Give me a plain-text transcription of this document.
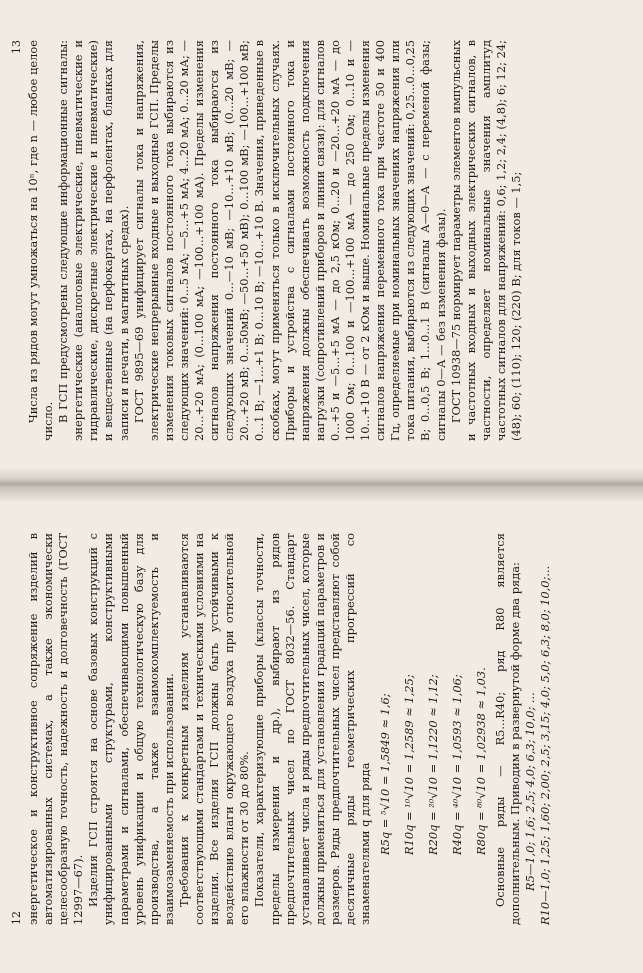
12 энергетическое и конструктивное сопряжение изделий в автоматизированных системах, а также экономически целесообразную точность, надежность и долговечность (ГОСТ 12997—67). Изделия ГСП строятся на основе базовых конструкций с унифицированными структурами, конструктивными параметрами и сигналами, обеспечивающими повышенный уровень унификации и общую технологическую базу для производства, а также взаимокомплектуемость и взаимозаменяемость при использовании. Требования к конкретным изделиям устанавливаются соответствующими стандартами и техническими условиями на изделия. Все изделия ГСП должны быть устойчивыми к воздействию влаги окружающего воздуха при относительной его влажности от 30 до 80%. Показатели, характеризующие приборы (классы точности, пределы измерения и др.), выбирают из рядов предпочтительных чисел по ГОСТ 8032—56. Стандарт устанавливает числа и ряды предпочтительных чисел, которые должны применяться для установления градаций параметров и размеров. Ряды предпочтительных чисел представляют собой десятичные ряды геометрических прогрессий со знаменателями q для ряда R5q = ⁵√10 = 1,5849 ≈ 1,6; R10q = ¹⁰√10 = 1,2589 ≈ 1,25; R20q = ²⁰√10 = 1,1220 ≈ 1,12; R40q = ⁴⁰√10 = 1,0593 ≈ 1,06; R80q = ⁸⁰√10 = 1,02938 ≈ 1,03. Основные ряды — R5...R40; ряд R80 является дополнительным. Приводим в развернутой форме два ряда: R5—1,0; 1,6; 2,5; 4,0; 6,3; 10,0; ... R10—1,0; 1,25; 1,60; 2,00; 2,5; 3,15; 4,0; 5,0; 6,3; 8,0; 10,0;...

13 Числа из рядов могут умножаться на 10ⁿ, где n — любое целое число. В ГСП предусмотрены следующие информационные сигналы: энергетические (аналоговые электрические, пневматические и гидравлические, дискретные электрические и пневматические) и вещественные (на перфокартах, на перфолентах, бланках для записи и печати, в магнитных средах). ГОСТ 9895—69 унифицирует сигналы тока и напряжения, электрические непрерывные входные и выходные ГСП. Пределы изменения токовых сигналов постоянного тока выбираются из следующих значений: 0...5 мА; —5...+5 мА; 4...20 мА; 0...20 мА; —20...+20 мА; (0...100 мА; —100...+100 мА). Пределы изменения сигналов напряжения постоянного тока выбираются из следующих значений 0...—10 мВ; —10...+10 мВ; (0...20 мВ; —20...+20 мВ; 0...50мВ; —50...+50 мВ); 0...100 мВ; —100...+100 мВ; 0...1 В; —1...+1 В; 0...10 В; —10...+10 В. Значения, приведенные в скобках, могут применяться только в исключительных случаях. Приборы и устройства с сигналами постоянного тока и напряжения должны обеспечивать возможность подключения нагрузки (сопротивлений приборов и линии связи): для сигналов 0...+5 и —5...+5 мА — до 2,5 кОм; 0...20 и —20...+20 мА — до 1000 Ом; 0...100 и —100...+100 мА — до 250 Ом; 0...10 и —10...+10 В — от 2 кОм и выше. Номинальные пределы изменения сигналов напряжения переменного тока при частоте 50 и 400 Гц, определяемые при номинальных значениях напряжения или тока питания, выбираются из следующих значений: 0,25...0...0,25 В; 0...0,5 В; 1...0...1 В (сигналы А—0—А — с переменой фазы; сигналы 0—А — без изменения фазы). ГОСТ 10938—75 нормирует параметры элементов импульсных и частотных входных и выходных электрических сигналов, в частности, определяет номинальные значения амплитуд частотных сигналов для напряжений: 0,6; 1,2; 2,4; (4,8); 6; 12; 24; (48); 60; (110); 120; (220) В; для токов — 1,5;
